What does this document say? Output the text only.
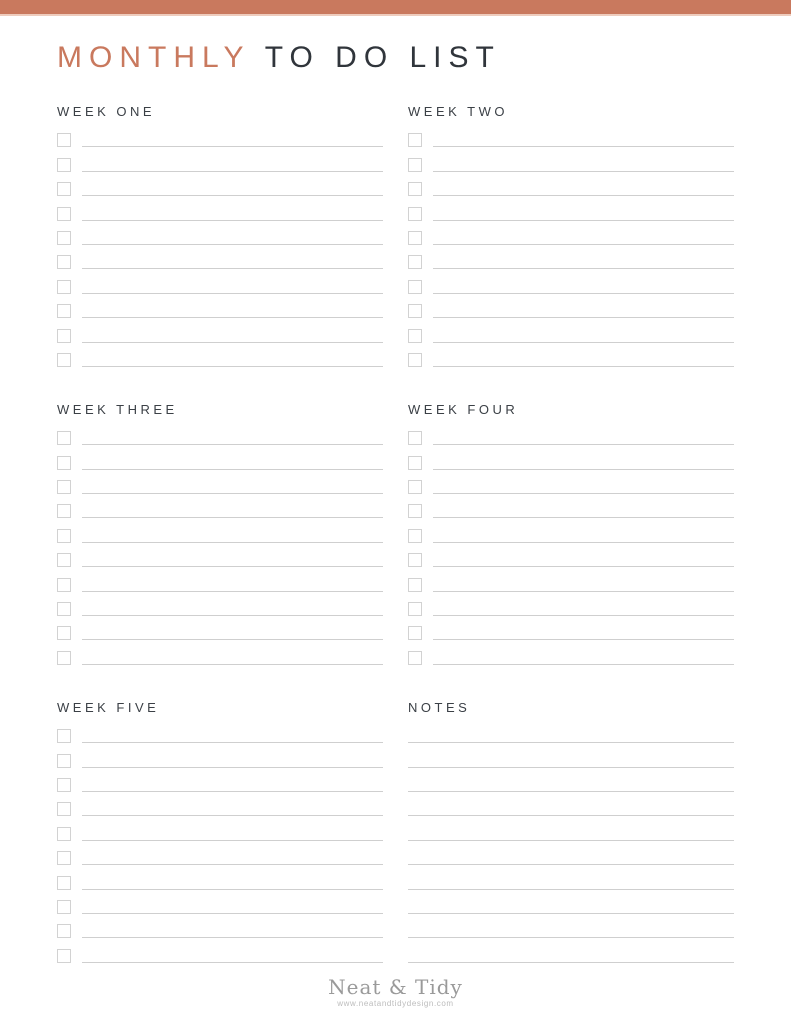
MONTHLY TO DO LIST
WEEK ONE	WEEK TWO
WEEK THREE	WEEK FOUR
WEEK FIVE	NOTES
Neat & Tidy
www.neatandtidydesign.com
